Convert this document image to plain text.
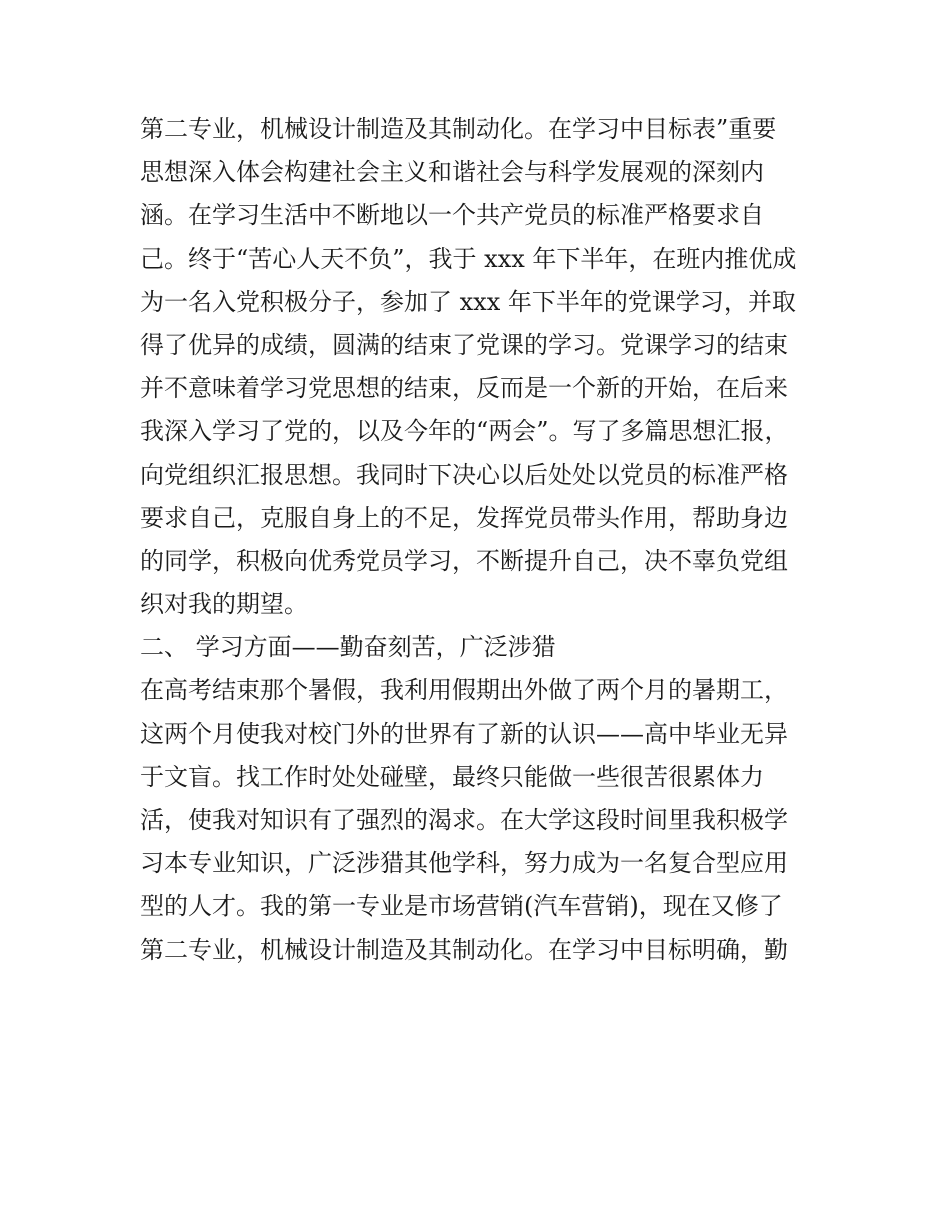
第二专业，机械设计制造及其制动化。在学习中目标表”重要
思想深入体会构建社会主义和谐社会与科学发展观的深刻内
涵。在学习生活中不断地以一个共产党员的标准严格要求自
己。终于“苦心人天不负”，我于 xxx 年下半年，在班内推优成
为一名入党积极分子，参加了 xxx 年下半年的党课学习，并取
得了优异的成绩，圆满的结束了党课的学习。党课学习的结束
并不意味着学习党思想的结束，反而是一个新的开始，在后来
我深入学习了党的，以及今年的“两会”。写了多篇思想汇报，
向党组织汇报思想。我同时下决心以后处处以党员的标准严格
要求自己，克服自身上的不足，发挥党员带头作用，帮助身边
的同学，积极向优秀党员学习，不断提升自己，决不辜负党组
织对我的期望。
二、 学习方面——勤奋刻苦，广泛涉猎
在高考结束那个暑假，我利用假期出外做了两个月的暑期工，
这两个月使我对校门外的世界有了新的认识——高中毕业无异
于文盲。找工作时处处碰壁，最终只能做一些很苦很累体力
活，使我对知识有了强烈的渴求。在大学这段时间里我积极学
习本专业知识，广泛涉猎其他学科，努力成为一名复合型应用
型的人才。我的第一专业是市场营销(汽车营销)，现在又修了
第二专业，机械设计制造及其制动化。在学习中目标明确，勤
